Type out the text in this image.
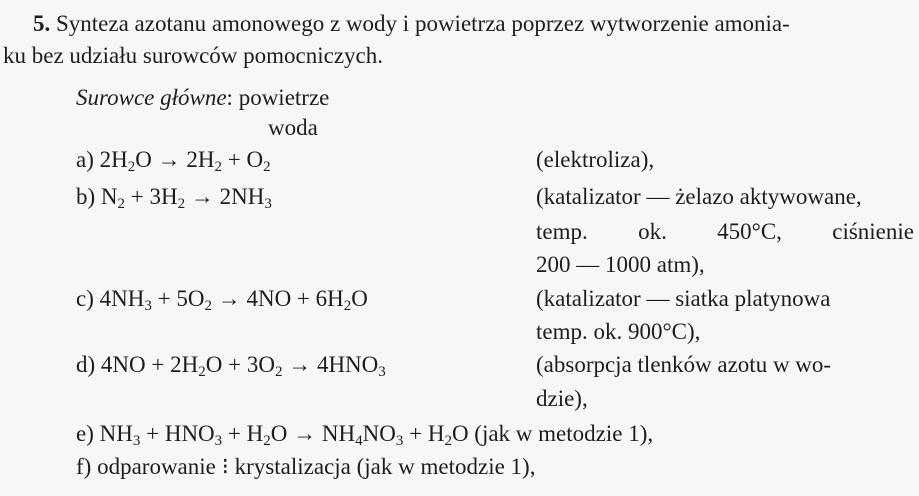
5. Synteza azotanu amonowego z wody i powietrza poprzez wytworzenie amonia-
ku bez udziału surowców pomocniczych.
Surowce główne: powietrze
woda
a) $2H_2O \to 2H_2 + O_2$	(elektroliza),
b) $N_2 + 3H_2 \to 2NH_3$	(katalizator — żelazo aktywowane,
temp. ok. 450°C, ciśnienie
200 — 1000 atm),
c) $4NH_3 + 5O_2 \to 4NO + 6H_2O$	(katalizator — siatka platynowa
temp. ok. 900°C),
d) $4NO + 2H_2O + 3O_2 \to 4HNO_3$	(absorpcja tlenków azotu w wo-
dzie),
e) $NH_3 + HNO_3 + H_2O \to NH_4NO_3 + H_2O$ (jak w metodzie 1),
f) odparowanie ⁝ krystalizacja (jak w metodzie 1),
